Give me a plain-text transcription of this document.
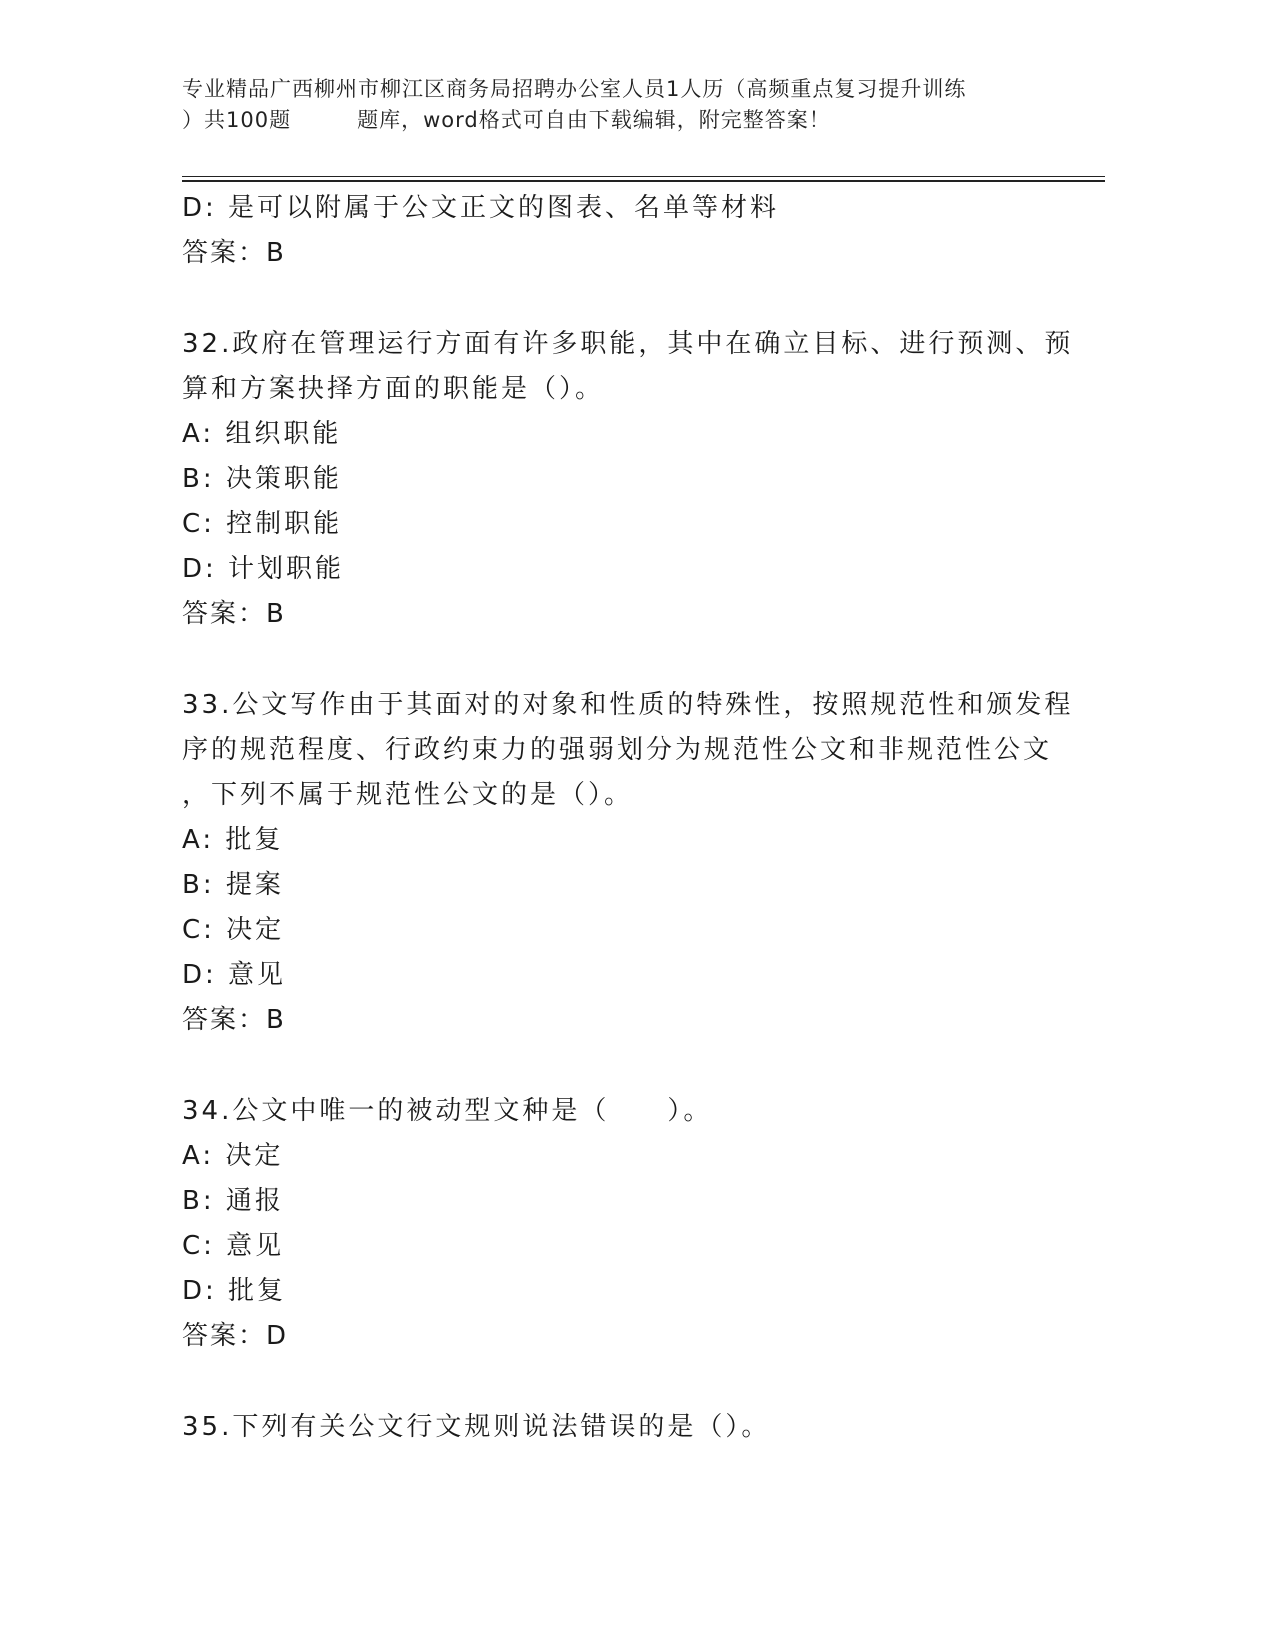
专业精品广西柳州市柳江区商务局招聘办公室人员1人历（高频重点复习提升训练
）共100题　　　题库，word格式可自由下载编辑，附完整答案！
D: 是可以附属于公文正文的图表、名单等材料
答案：B
32.政府在管理运行方面有许多职能，其中在确立目标、进行预测、预
算和方案抉择方面的职能是（）。
A: 组织职能
B: 决策职能
C: 控制职能
D: 计划职能
答案：B
33.公文写作由于其面对的对象和性质的特殊性，按照规范性和颁发程
序的规范程度、行政约束力的强弱划分为规范性公文和非规范性公文
，下列不属于规范性公文的是（）。
A: 批复
B: 提案
C: 决定
D: 意见
答案：B
34.公文中唯一的被动型文种是（　　）。
A: 决定
B: 通报
C: 意见
D: 批复
答案：D
35.下列有关公文行文规则说法错误的是（）。
